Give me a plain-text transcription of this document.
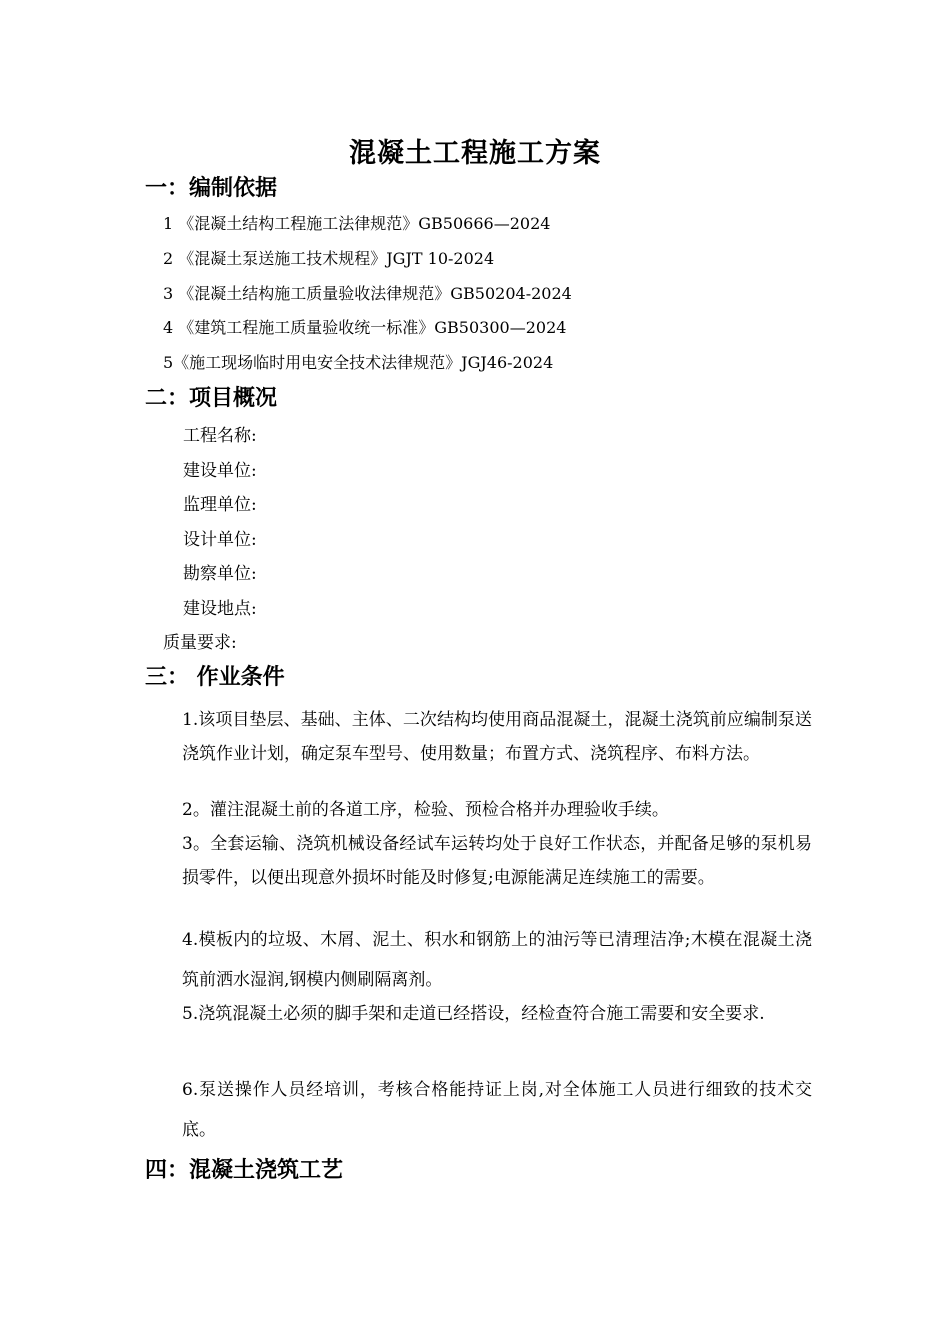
混凝土工程施工方案
一：编制依据
1 《混凝土结构工程施工法律规范》GB50666—2024
2 《混凝土泵送施工技术规程》JGJT 10-2024
3 《混凝土结构施工质量验收法律规范》GB50204-2024
4 《建筑工程施工质量验收统一标准》GB50300—2024
5《施工现场临时用电安全技术法律规范》JGJ46-2024
二：项目概况
工程名称:
建设单位:
监理单位:
设计单位:
勘察单位:
建设地点:
质量要求:
三： 作业条件
1.该项目垫层、基础、主体、二次结构均使用商品混凝土，混凝土浇筑前应编制泵送浇筑作业计划，确定泵车型号、使用数量；布置方式、浇筑程序、布料方法。
2。灌注混凝土前的各道工序，检验、预检合格并办理验收手续。
3。全套运输、浇筑机械设备经试车运转均处于良好工作状态，并配备足够的泵机易损零件，以便出现意外损坏时能及时修复;电源能满足连续施工的需要。
4.模板内的垃圾、木屑、泥土、积水和钢筋上的油污等已清理洁净;木模在混凝土浇筑前洒水湿润,钢模内侧刷隔离剂。
5.浇筑混凝土必须的脚手架和走道已经搭设，经检查符合施工需要和安全要求.
6.泵送操作人员经培训，考核合格能持证上岗,对全体施工人员进行细致的技术交底。
四：混凝土浇筑工艺
